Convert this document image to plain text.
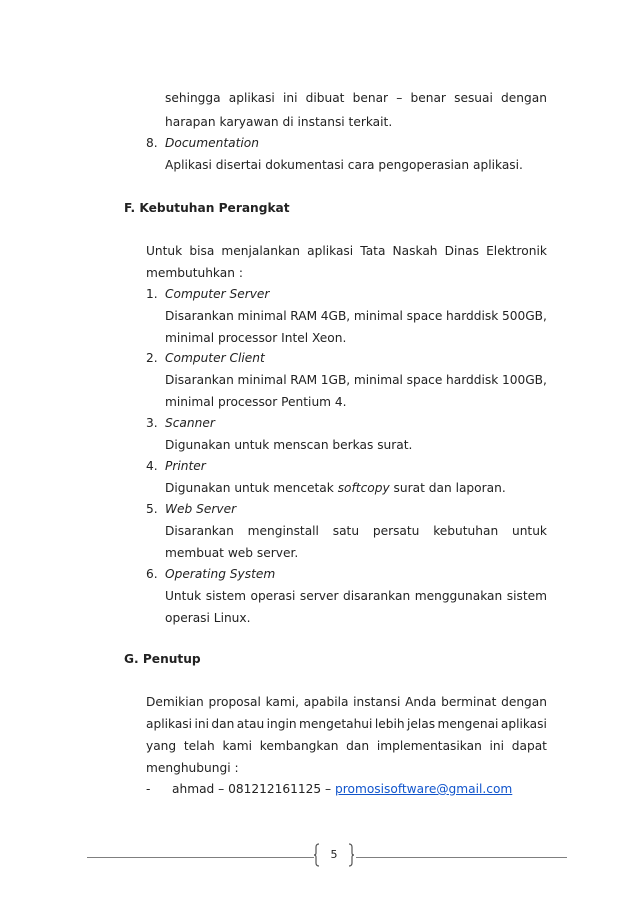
sehingga aplikasi ini dibuat benar – benar sesuai dengan
harapan karyawan di instansi terkait.
8. Documentation
Aplikasi disertai dokumentasi cara pengoperasian aplikasi.
F. Kebutuhan Perangkat
Untuk bisa menjalankan aplikasi Tata Naskah Dinas Elektronik
membutuhkan :
1. Computer Server
Disarankan minimal RAM 4GB, minimal space harddisk 500GB,
minimal processor Intel Xeon.
2. Computer Client
Disarankan minimal RAM 1GB, minimal space harddisk 100GB,
minimal processor Pentium 4.
3. Scanner
Digunakan untuk menscan berkas surat.
4. Printer
Digunakan untuk mencetak softcopy surat dan laporan.
5. Web Server
Disarankan menginstall satu persatu kebutuhan untuk
membuat web server.
6. Operating System
Untuk sistem operasi server disarankan menggunakan sistem
operasi Linux.
G. Penutup
Demikian proposal kami, apabila instansi Anda berminat dengan
aplikasi ini dan atau ingin mengetahui lebih jelas mengenai aplikasi
yang telah kami kembangkan dan implementasikan ini dapat
menghubungi :
- ahmad – 081212161125 – promosisoftware@gmail.com
5
